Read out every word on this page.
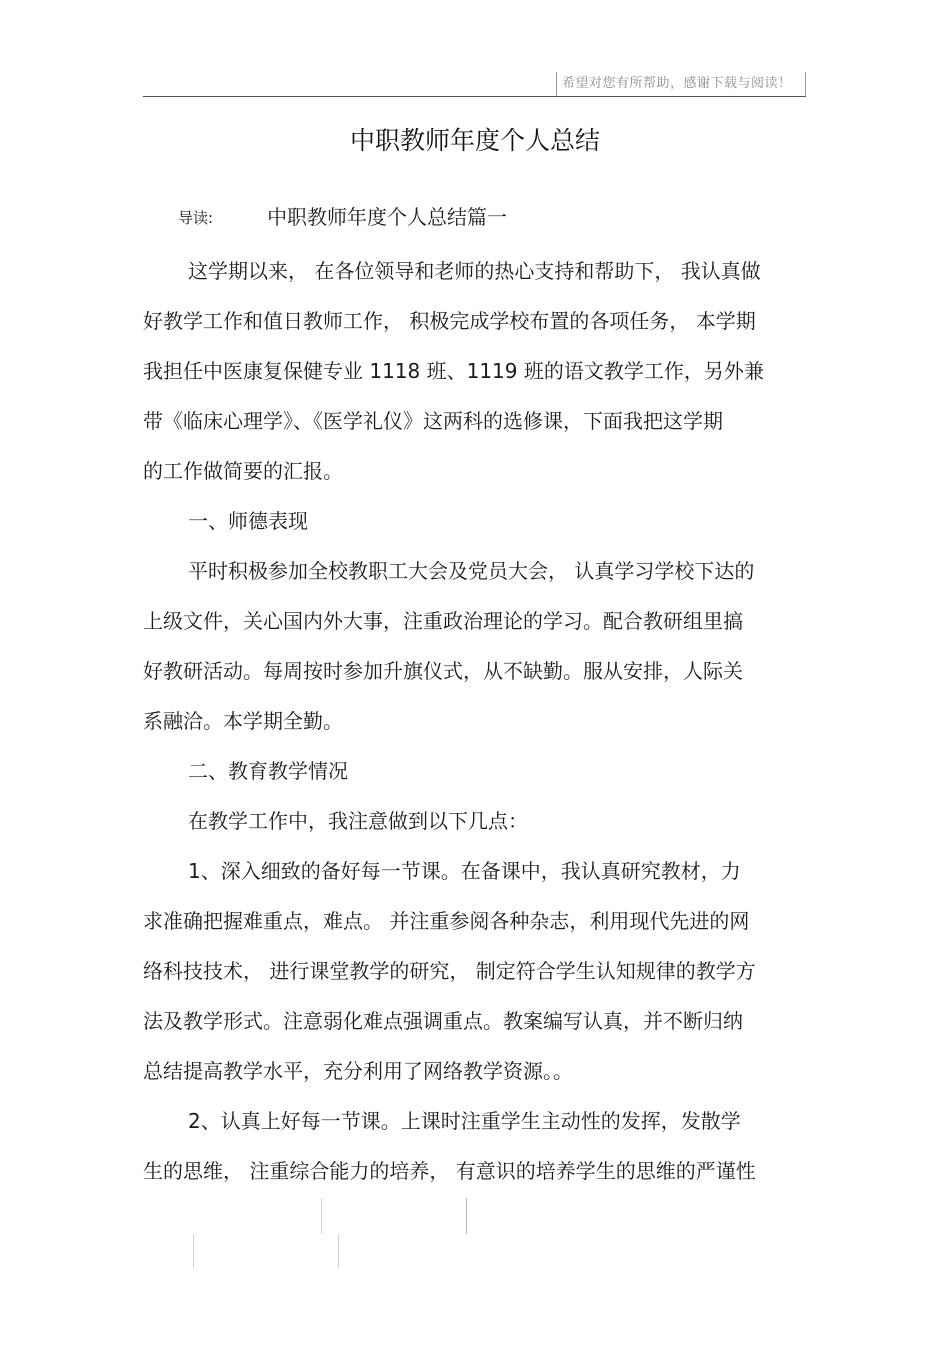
希望对您有所帮助，感谢下载与阅读！
中职教师年度个人总结
导读:	中职教师年度个人总结篇一

这学期以来， 在各位领导和老师的热心支持和帮助下， 我认真做

好教学工作和值日教师工作， 积极完成学校布置的各项任务， 本学期

我担任中医康复保健专业 1118 班、1119 班的语文教学工作，另外兼

带《临床心理学》、《医学礼仪》这两科的选修课，下面我把这学期

的工作做简要的汇报。

一、师德表现

平时积极参加全校教职工大会及党员大会， 认真学习学校下达的

上级文件，关心国内外大事，注重政治理论的学习。配合教研组里搞

好教研活动。每周按时参加升旗仪式，从不缺勤。服从安排，人际关

系融洽。本学期全勤。

二、教育教学情况

在教学工作中，我注意做到以下几点：

1、深入细致的备好每一节课。在备课中，我认真研究教材，力

求准确把握难重点，难点。 并注重参阅各种杂志，利用现代先进的网

络科技技术， 进行课堂教学的研究， 制定符合学生认知规律的教学方

法及教学形式。注意弱化难点强调重点。教案编写认真，并不断归纳

总结提高教学水平，充分利用了网络教学资源。。

2、认真上好每一节课。上课时注重学生主动性的发挥，发散学

生的思维， 注重综合能力的培养， 有意识的培养学生的思维的严谨性
